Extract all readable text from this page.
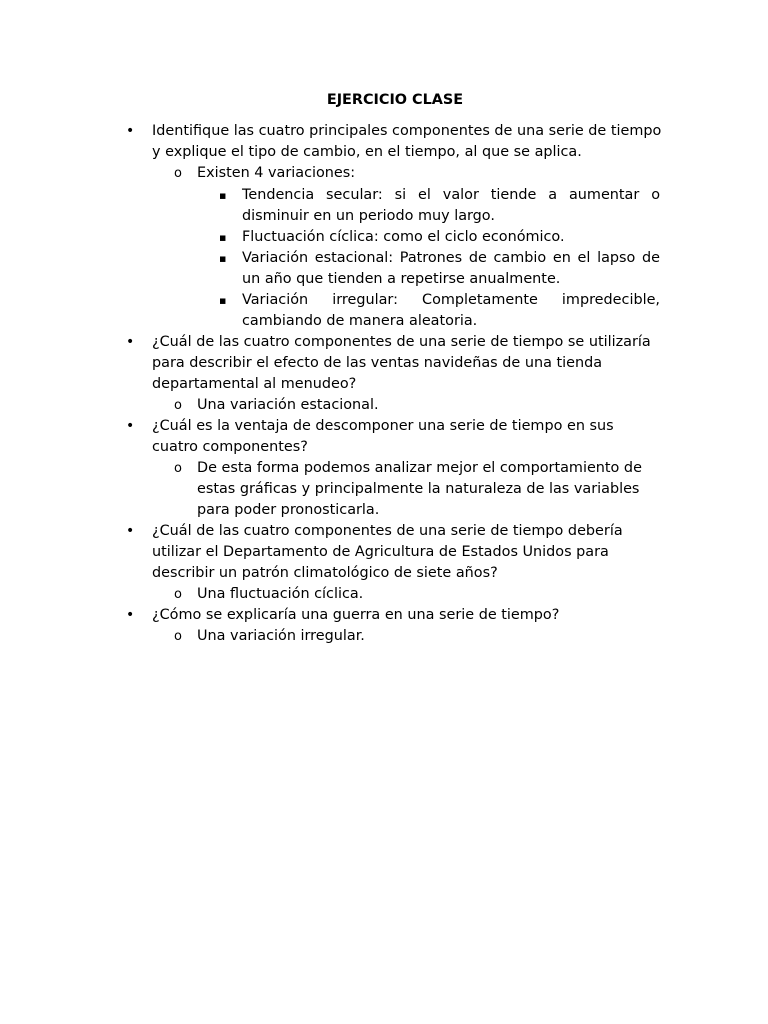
EJERCICIO CLASE
• Identifique las cuatro principales componentes de una serie de tiempo y explique el tipo de cambio, en el tiempo, al que se aplica.
o Existen 4 variaciones:
▪ Tendencia secular: si el valor tiende a aumentar o disminuir en un periodo muy largo.
▪ Fluctuación cíclica: como el ciclo económico.
▪ Variación estacional: Patrones de cambio en el lapso de un año que tienden a repetirse anualmente.
▪ Variación irregular: Completamente impredecible, cambiando de manera aleatoria.
• ¿Cuál de las cuatro componentes de una serie de tiempo se utilizaría para describir el efecto de las ventas navideñas de una tienda departamental al menudeo?
o Una variación estacional.
• ¿Cuál es la ventaja de descomponer una serie de tiempo en sus cuatro componentes?
o De esta forma podemos analizar mejor el comportamiento de estas gráficas y principalmente la naturaleza de las variables para poder pronosticarla.
• ¿Cuál de las cuatro componentes de una serie de tiempo debería utilizar el Departamento de Agricultura de Estados Unidos para describir un patrón climatológico de siete años?
o Una fluctuación cíclica.
• ¿Cómo se explicaría una guerra en una serie de tiempo?
o Una variación irregular.
